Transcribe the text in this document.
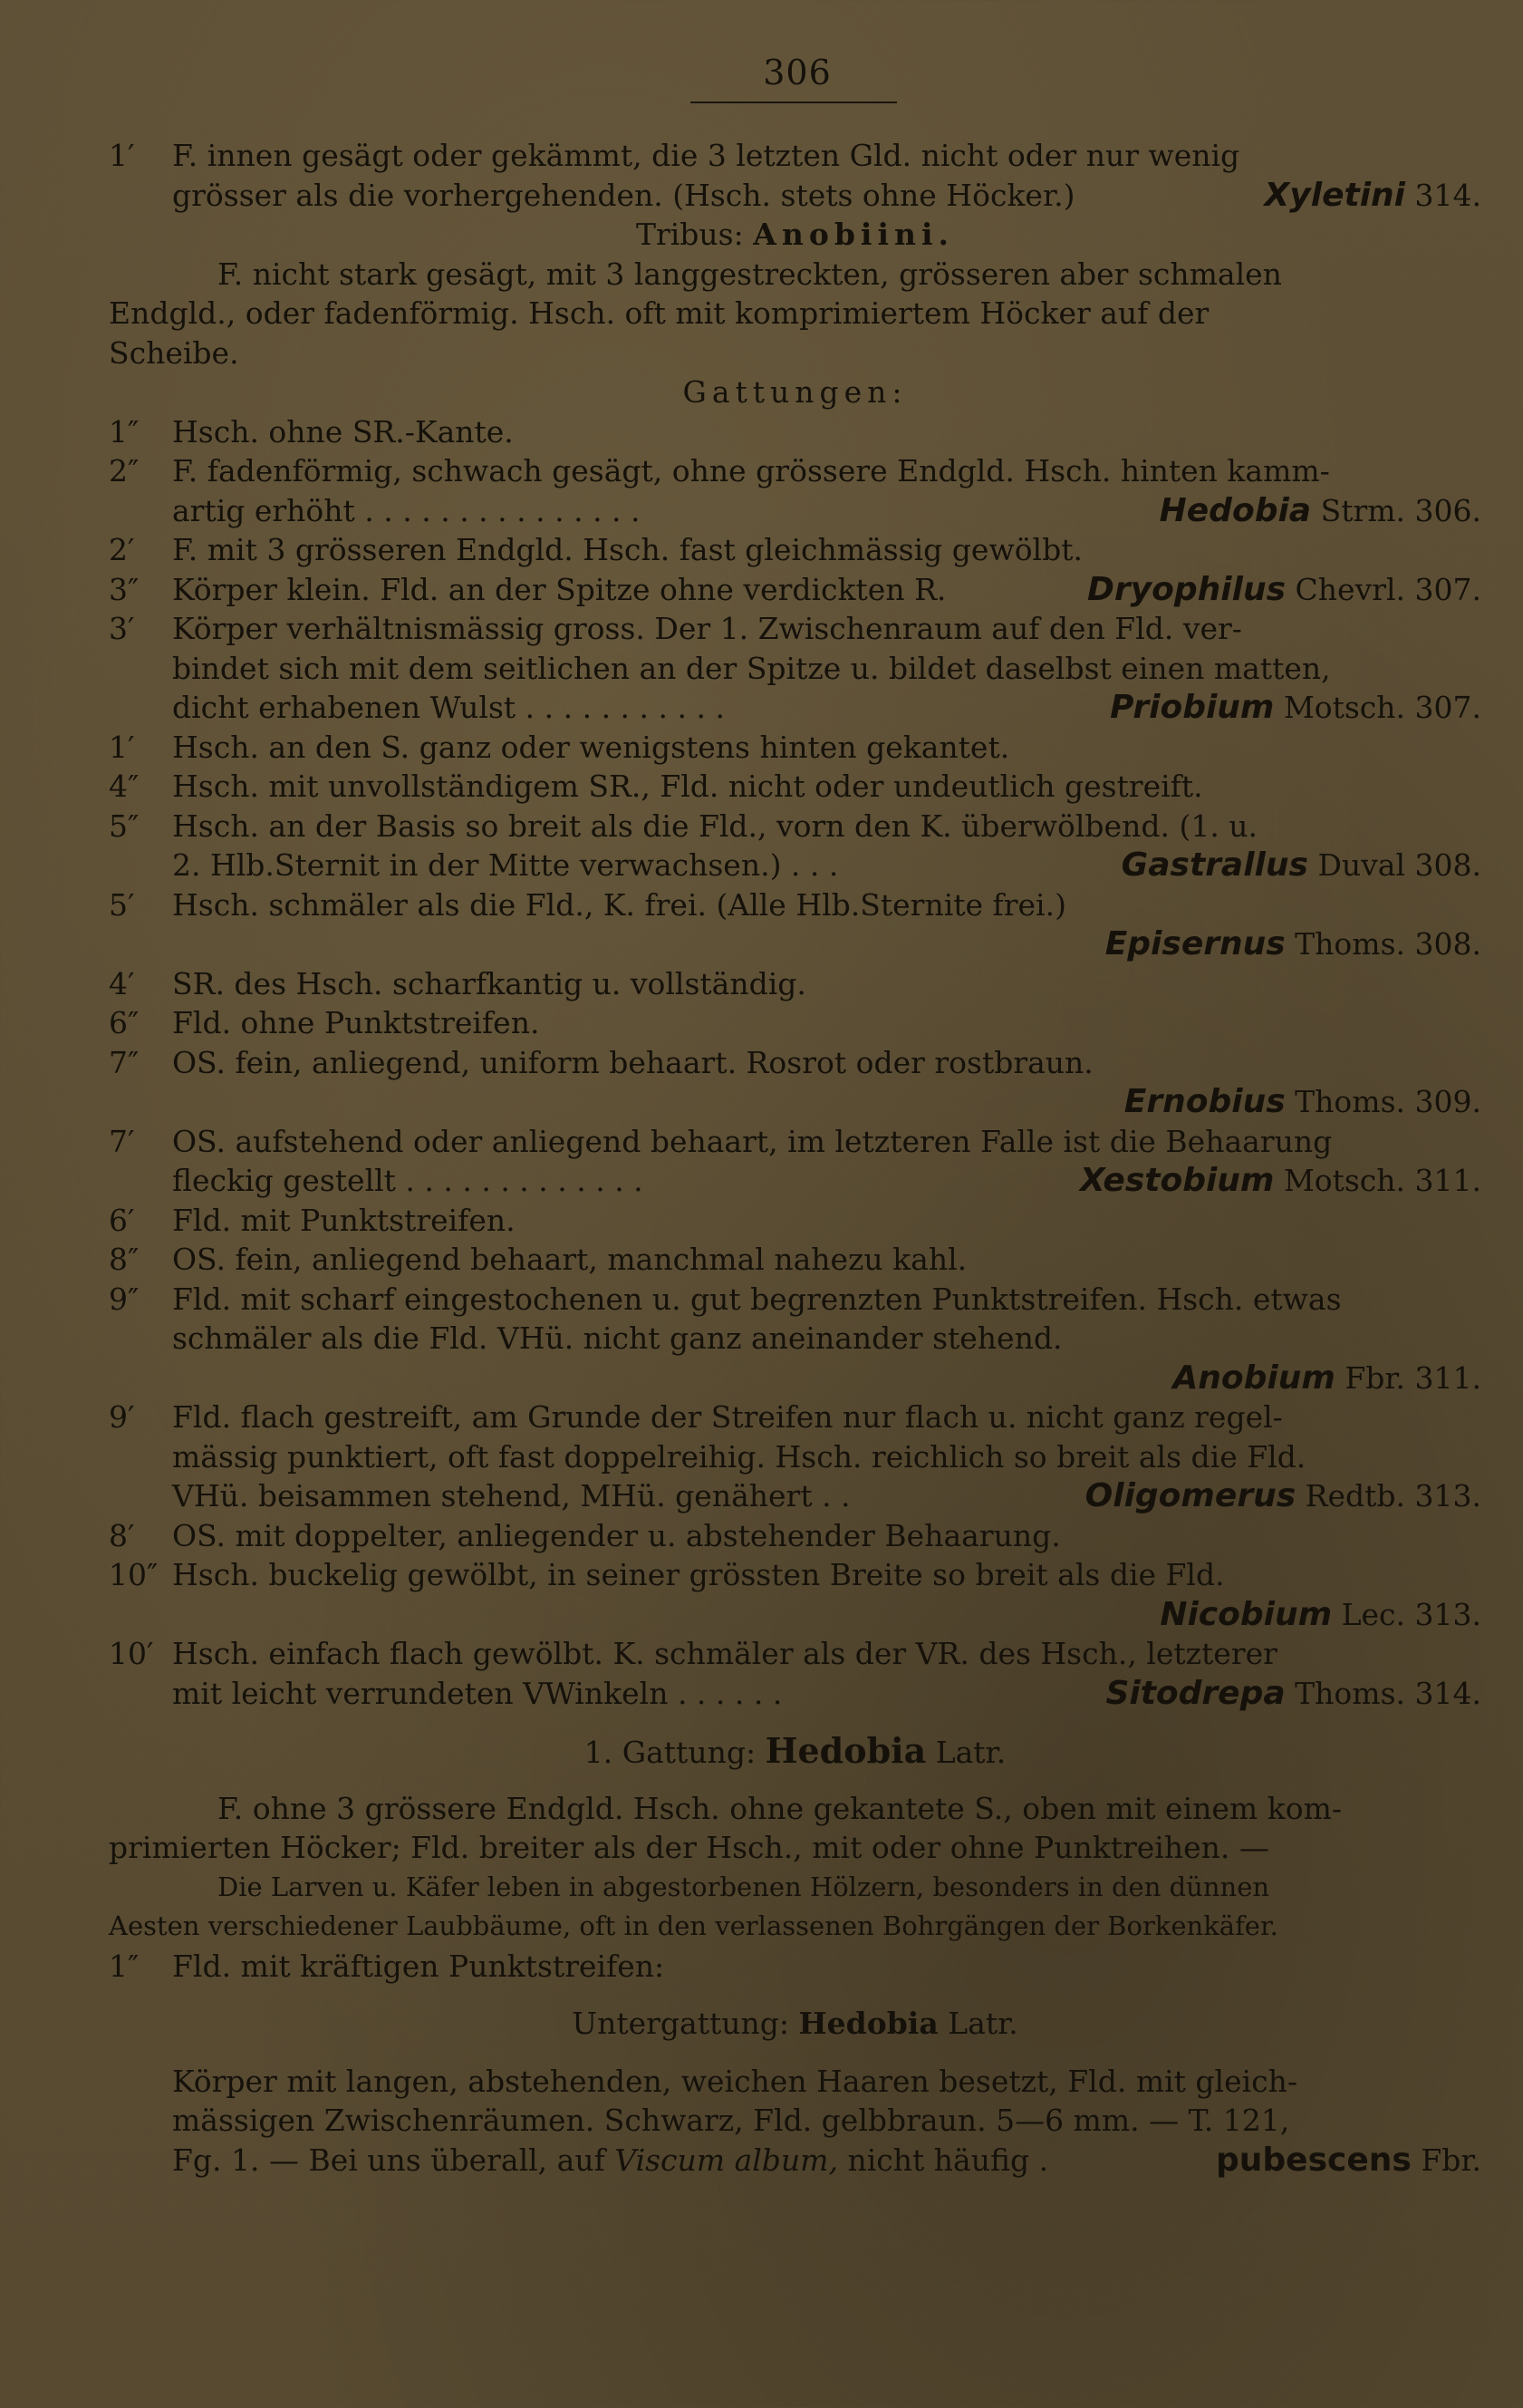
306
1′ F. innen gesägt oder gekämmt, die 3 letzten Gld. nicht oder nur wenig
grösser als die vorhergehenden. (Hsch. stets ohne Höcker.)	Xyletini 314.
Tribus: Anobiini.
F. nicht stark gesägt, mit 3 langgestreckten, grösseren aber schmalen
Endgld., oder fadenförmig. Hsch. oft mit komprimiertem Höcker auf der
Scheibe.
Gattungen:
1″ Hsch. ohne SR.-Kante.
2″ F. fadenförmig, schwach gesägt, ohne grössere Endgld. Hsch. hinten kamm-
artig erhöht . . . . . . . . . . . . . . .	Hedobia Strm. 306.
2′ F. mit 3 grösseren Endgld. Hsch. fast gleichmässig gewölbt.
3″ Körper klein. Fld. an der Spitze ohne verdickten R.	Dryophilus Chevrl. 307.
3′ Körper verhältnismässig gross. Der 1. Zwischenraum auf den Fld. ver-
bindet sich mit dem seitlichen an der Spitze u. bildet daselbst einen matten,
dicht erhabenen Wulst . . . . . . . . . . .	Priobium Motsch. 307.
1′ Hsch. an den S. ganz oder wenigstens hinten gekantet.
4″ Hsch. mit unvollständigem SR., Fld. nicht oder undeutlich gestreift.
5″ Hsch. an der Basis so breit als die Fld., vorn den K. überwölbend. (1. u.
2. Hlb.Sternit in der Mitte verwachsen.) . . .	Gastrallus Duval 308.
5′ Hsch. schmäler als die Fld., K. frei. (Alle Hlb.Sternite frei.)
Episernus Thoms. 308.
4′ SR. des Hsch. scharfkantig u. vollständig.
6″ Fld. ohne Punktstreifen.
7″ OS. fein, anliegend, uniform behaart. Rosrot oder rostbraun.
Ernobius Thoms. 309.
7′ OS. aufstehend oder anliegend behaart, im letzteren Falle ist die Behaarung
fleckig gestellt . . . . . . . . . . . . .	Xestobium Motsch. 311.
6′ Fld. mit Punktstreifen.
8″ OS. fein, anliegend behaart, manchmal nahezu kahl.
9″ Fld. mit scharf eingestochenen u. gut begrenzten Punktstreifen. Hsch. etwas
schmäler als die Fld. VHü. nicht ganz aneinander stehend.
Anobium Fbr. 311.
9′ Fld. flach gestreift, am Grunde der Streifen nur flach u. nicht ganz regel-
mässig punktiert, oft fast doppelreihig. Hsch. reichlich so breit als die Fld.
VHü. beisammen stehend, MHü. genähert . .	Oligomerus Redtb. 313.
8′ OS. mit doppelter, anliegender u. abstehender Behaarung.
10″ Hsch. buckelig gewölbt, in seiner grössten Breite so breit als die Fld.
Nicobium Lec. 313.
10′ Hsch. einfach flach gewölbt. K. schmäler als der VR. des Hsch., letzterer
mit leicht verrundeten VWinkeln . . . . . .	Sitodrepa Thoms. 314.
1. Gattung: Hedobia Latr.
F. ohne 3 grössere Endgld. Hsch. ohne gekantete S., oben mit einem kom-
primierten Höcker; Fld. breiter als der Hsch., mit oder ohne Punktreihen. —
Die Larven u. Käfer leben in abgestorbenen Hölzern, besonders in den dünnen
Aesten verschiedener Laubbäume, oft in den verlassenen Bohrgängen der Borkenkäfer.
1″ Fld. mit kräftigen Punktstreifen:
Untergattung: Hedobia Latr.
Körper mit langen, abstehenden, weichen Haaren besetzt, Fld. mit gleich-
mässigen Zwischenräumen. Schwarz, Fld. gelbbraun. 5—6 mm. — T. 121,
Fg. 1. — Bei uns überall, auf Viscum album, nicht häufig .	pubescens Fbr.
